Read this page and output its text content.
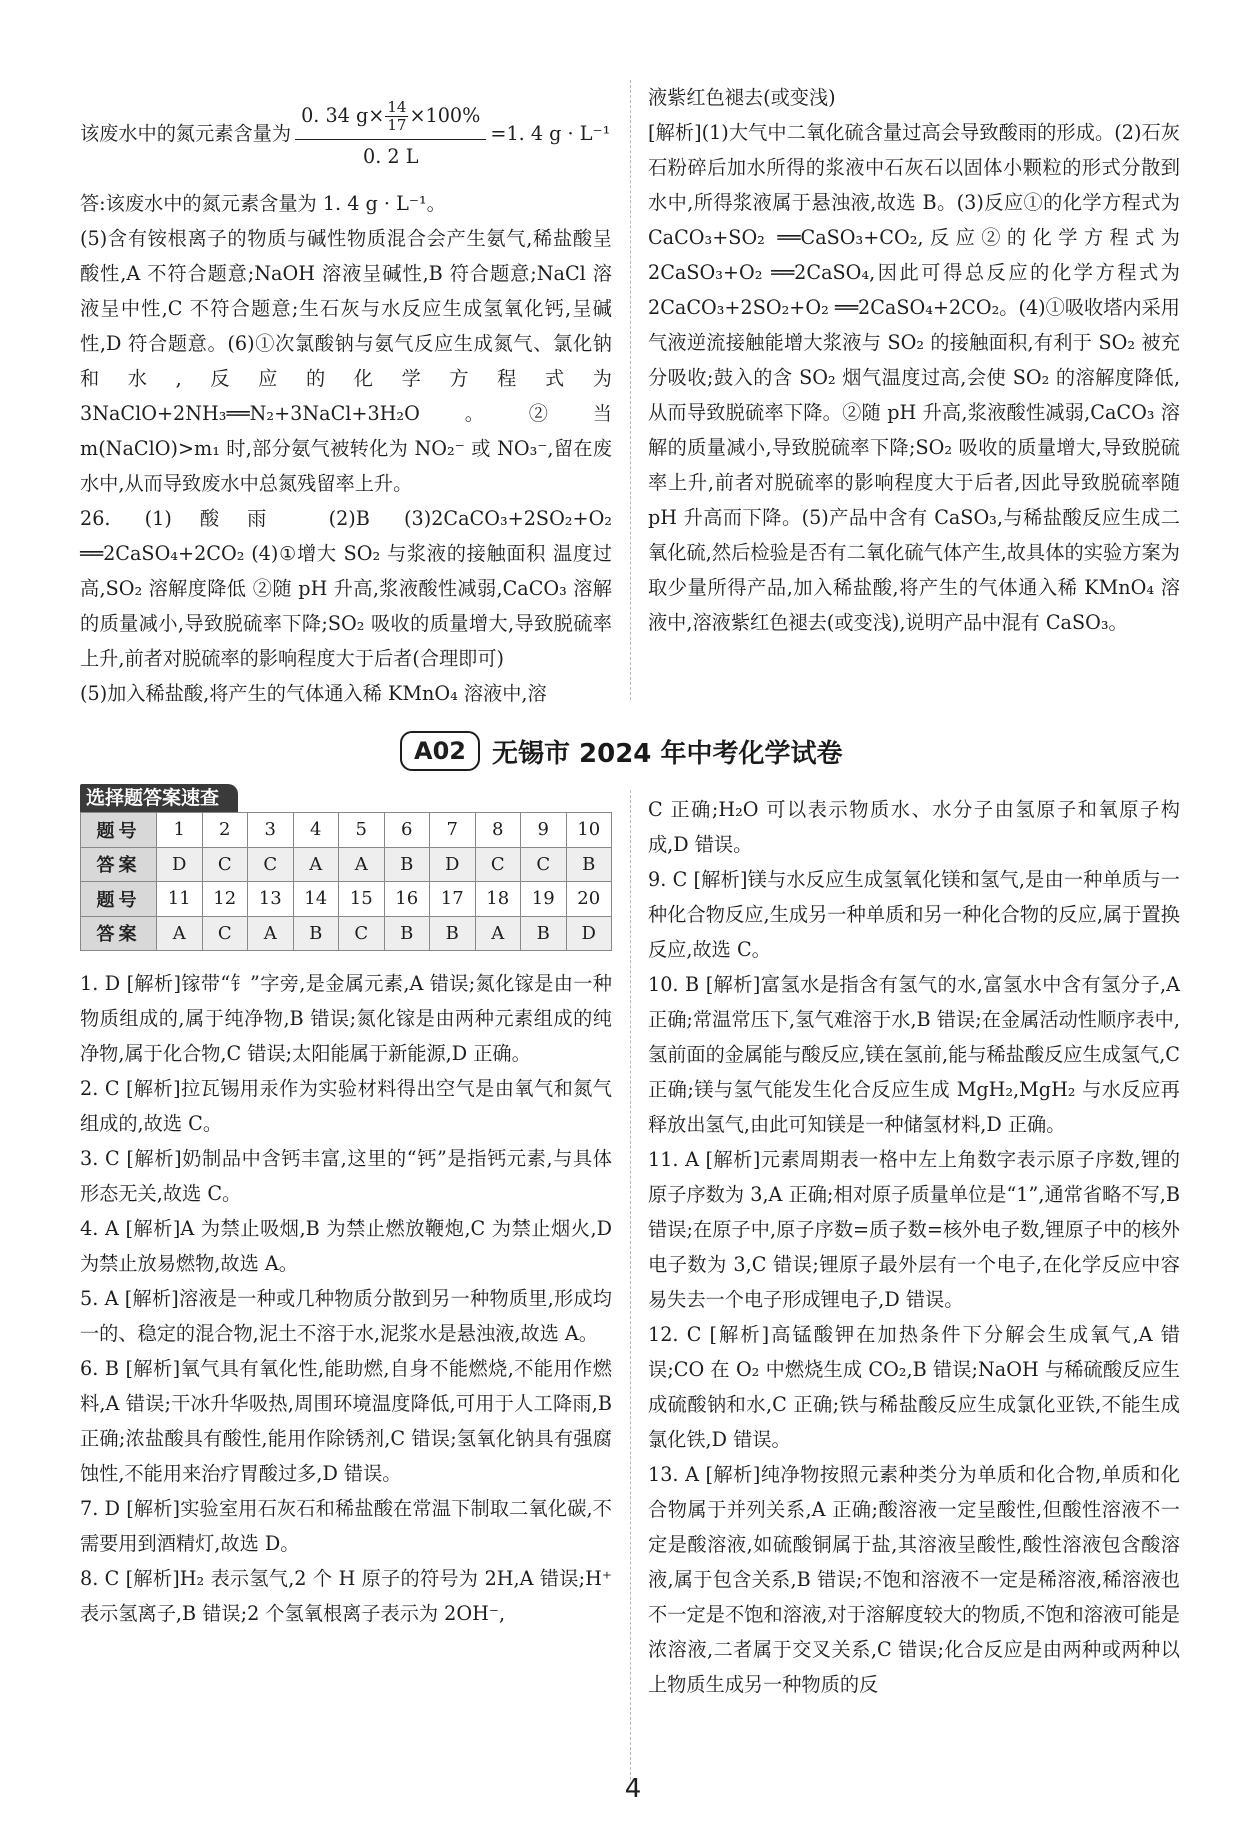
该废水中的氮元素含量为 $\frac{0. 34 g\times \frac{14}{17} \times 100\%}{0. 2 L} =1$. 4 g · L⁻¹

答:该废水中的氮元素含量为 1. 4 g · L⁻¹。

(5)含有铵根离子的物质与碱性物质混合会产生氨气,稀盐酸呈酸性,A 不符合题意;NaOH 溶液呈碱性,B 符合题意;NaCl 溶液呈中性,C 不符合题意;生石灰与水反应生成氢氧化钙,呈碱性,D 符合题意。(6)①次氯酸钠与氨气反应生成氮气、氯化钠和水,反应的化学方程式为 3NaClO+2NH₃══N₂+3NaCl+3H₂O。②当 m(NaClO)>m₁ 时,部分氨气被转化为 NO₂⁻ 或 NO₃⁻,留在废水中,从而导致废水中总氮残留率上升。

26. (1)酸雨 (2)B (3)2CaCO₃+2SO₂+O₂ ══2CaSO₄+2CO₂ (4)①增大 SO₂ 与浆液的接触面积 温度过高,SO₂ 溶解度降低 ②随 pH 升高,浆液酸性减弱,CaCO₃ 溶解的质量减小,导致脱硫率下降;SO₂ 吸收的质量增大,导致脱硫率上升,前者对脱硫率的影响程度大于后者(合理即可)

(5)加入稀盐酸,将产生的气体通入稀 KMnO₄ 溶液中,溶

液紫红色褪去(或变浅)

[解析](1)大气中二氧化硫含量过高会导致酸雨的形成。(2)石灰石粉碎后加水所得的浆液中石灰石以固体小颗粒的形式分散到水中,所得浆液属于悬浊液,故选 B。(3)反应①的化学方程式为 CaCO₃+SO₂ ══CaSO₃+CO₂,反应②的化学方程式为 2CaSO₃+O₂ ══2CaSO₄,因此可得总反应的化学方程式为 2CaCO₃+2SO₂+O₂ ══2CaSO₄+2CO₂。(4)①吸收塔内采用气液逆流接触能增大浆液与 SO₂ 的接触面积,有利于 SO₂ 被充分吸收;鼓入的含 SO₂ 烟气温度过高,会使 SO₂ 的溶解度降低,从而导致脱硫率下降。②随 pH 升高,浆液酸性减弱,CaCO₃ 溶解的质量减小,导致脱硫率下降;SO₂ 吸收的质量增大,导致脱硫率上升,前者对脱硫率的影响程度大于后者,因此导致脱硫率随 pH 升高而下降。(5)产品中含有 CaSO₃,与稀盐酸反应生成二氧化硫,然后检验是否有二氧化硫气体产生,故具体的实验方案为取少量所得产品,加入稀盐酸,将产生的气体通入稀 KMnO₄ 溶液中,溶液紫红色褪去(或变浅),说明产品中混有 CaSO₃。

A02	无锡市 2024 年中考化学试卷
选择题答案速查
题号	1	2	3	4	5	6	7	8	9	10
答案	D	C	C	A	A	B	D	C	C	B
题号	11	12	13	14	15	16	17	18	19	20
答案	A	C	A	B	C	B	B	A	B	D

1. D [解析]镓带“钅”字旁,是金属元素,A 错误;氮化镓是由一种物质组成的,属于纯净物,B 错误;氮化镓是由两种元素组成的纯净物,属于化合物,C 错误;太阳能属于新能源,D 正确。

2. C [解析]拉瓦锡用汞作为实验材料得出空气是由氧气和氮气组成的,故选 C。

3. C [解析]奶制品中含钙丰富,这里的“钙”是指钙元素,与具体形态无关,故选 C。

4. A [解析]A 为禁止吸烟,B 为禁止燃放鞭炮,C 为禁止烟火,D 为禁止放易燃物,故选 A。

5. A [解析]溶液是一种或几种物质分散到另一种物质里,形成均一的、稳定的混合物,泥土不溶于水,泥浆水是悬浊液,故选 A。

6. B [解析]氧气具有氧化性,能助燃,自身不能燃烧,不能用作燃料,A 错误;干冰升华吸热,周围环境温度降低,可用于人工降雨,B 正确;浓盐酸具有酸性,能用作除锈剂,C 错误;氢氧化钠具有强腐蚀性,不能用来治疗胃酸过多,D 错误。

7. D [解析]实验室用石灰石和稀盐酸在常温下制取二氧化碳,不需要用到酒精灯,故选 D。

8. C [解析]H₂ 表示氢气,2 个 H 原子的符号为 2H,A 错误;H⁺ 表示氢离子,B 错误;2 个氢氧根离子表示为 2OH⁻,

C 正确;H₂O 可以表示物质水、水分子由氢原子和氧原子构成,D 错误。

9. C [解析]镁与水反应生成氢氧化镁和氢气,是由一种单质与一种化合物反应,生成另一种单质和另一种化合物的反应,属于置换反应,故选 C。

10. B [解析]富氢水是指含有氢气的水,富氢水中含有氢分子,A 正确;常温常压下,氢气难溶于水,B 错误;在金属活动性顺序表中,氢前面的金属能与酸反应,镁在氢前,能与稀盐酸反应生成氢气,C 正确;镁与氢气能发生化合反应生成 MgH₂,MgH₂ 与水反应再释放出氢气,由此可知镁是一种储氢材料,D 正确。

11. A [解析]元素周期表一格中左上角数字表示原子序数,锂的原子序数为 3,A 正确;相对原子质量单位是“1”,通常省略不写,B 错误;在原子中,原子序数=质子数=核外电子数,锂原子中的核外电子数为 3,C 错误;锂原子最外层有一个电子,在化学反应中容易失去一个电子形成锂电子,D 错误。

12. C [解析]高锰酸钾在加热条件下分解会生成氧气,A 错误;CO 在 O₂ 中燃烧生成 CO₂,B 错误;NaOH 与稀硫酸反应生成硫酸钠和水,C 正确;铁与稀盐酸反应生成氯化亚铁,不能生成氯化铁,D 错误。

13. A [解析]纯净物按照元素种类分为单质和化合物,单质和化合物属于并列关系,A 正确;酸溶液一定呈酸性,但酸性溶液不一定是酸溶液,如硫酸铜属于盐,其溶液呈酸性,酸性溶液包含酸溶液,属于包含关系,B 错误;不饱和溶液不一定是稀溶液,稀溶液也不一定是不饱和溶液,对于溶解度较大的物质,不饱和溶液可能是浓溶液,二者属于交叉关系,C 错误;化合反应是由两种或两种以上物质生成另一种物质的反

4
